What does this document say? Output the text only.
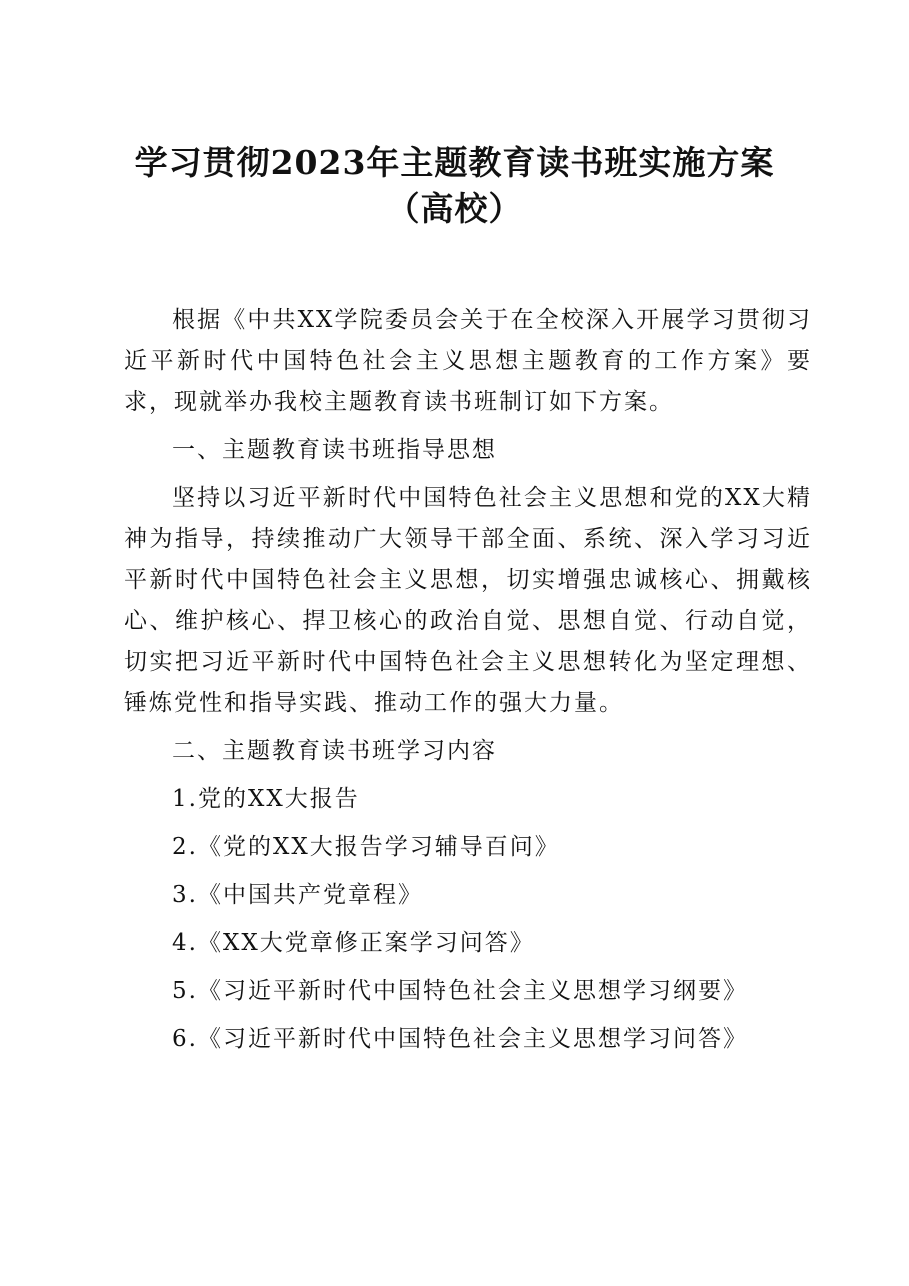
学习贯彻2023年主题教育读书班实施方案（高校）

根据《中共XX学院委员会关于在全校深入开展学习贯彻习近平新时代中国特色社会主义思想主题教育的工作方案》要求，现就举办我校主题教育读书班制订如下方案。

一、主题教育读书班指导思想

坚持以习近平新时代中国特色社会主义思想和党的XX大精神为指导，持续推动广大领导干部全面、系统、深入学习习近平新时代中国特色社会主义思想，切实增强忠诚核心、拥戴核心、维护核心、捍卫核心的政治自觉、思想自觉、行动自觉，切实把习近平新时代中国特色社会主义思想转化为坚定理想、锤炼党性和指导实践、推动工作的强大力量。

二、主题教育读书班学习内容

1.党的XX大报告

2.《党的XX大报告学习辅导百问》

3.《中国共产党章程》

4.《XX大党章修正案学习问答》

5.《习近平新时代中国特色社会主义思想学习纲要》

6.《习近平新时代中国特色社会主义思想学习问答》
